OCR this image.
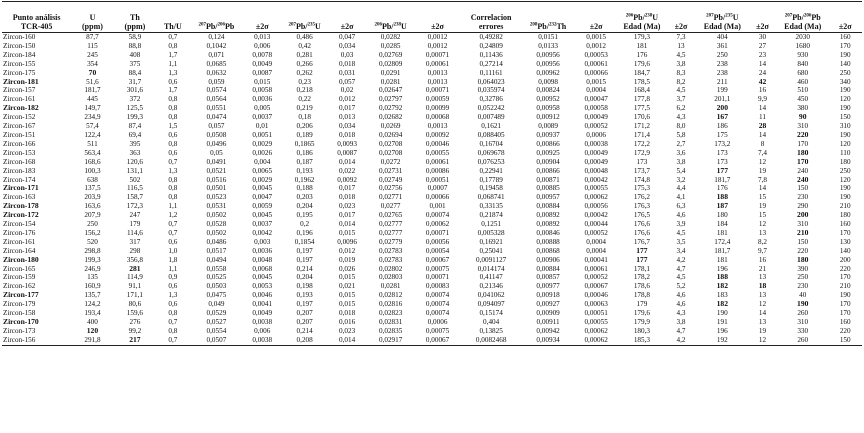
Punto análisis
TCR-405	U
(ppm)	Th
(ppm)	Th/U	$^{207}$Pb/$^{206}$Pb	±2σ	$^{207}$Pb/$^{235}$U	±2σ	$^{206}$Pb/$^{238}$U	±2σ	Correlacion
errores	$^{208}$Pb/$^{232}$Th	±2σ	$^{206}$Pb/$^{238}$U
Edad (Ma)	±2σ	$^{207}$Pb/$^{235}$U
Edad (Ma)	±2σ	$^{207}$Pb/$^{206}$Pb
Edad (Ma)	±2σ

Zircon-160	87,7	58,9	0,7	0,124	0,013	0,486	0,047	0,0282	0,0012	0,49282	0,0151	0,0015	179,3	7,3	404	30	2030	160
Zircon-150	115	88,8	0,8	0,1042	0,006	0,42	0,034	0,0285	0,0012	0,24809	0,0133	0,0012	181	13	361	27	1680	170
Zircon-184	245	408	1,7	0,071	0,0078	0,281	0,03	0,02769	0,00071	0,11436	0,00956	0,00053	176	4,5	250	23	930	190
Zircon-155	354	375	1,1	0,0685	0,0049	0,266	0,018	0,02809	0,00061	0,27214	0,00956	0,00061	179,6	3,8	238	14	840	140
Zircon-175	70	88,4	1,3	0,0632	0,0087	0,262	0,031	0,0291	0,0013	0,11161	0,00962	0,00066	184,7	8,3	238	24	680	250
Zircon-181	51,6	31,7	0,6	0,059	0,015	0,23	0,057	0,0281	0,0013	0,064023	0,0098	0,0015	178,5	8,2	211	42	460	340
Zircon-157	181,7	301,6	1,7	0,0574	0,0058	0,218	0,02	0,02647	0,00071	0,035974	0,00824	0,0004	168,4	4,5	199	16	510	190
Zircon-161	445	372	0,8	0,0564	0,0036	0,22	0,012	0,02797	0,00059	0,32786	0,00952	0,00047	177,8	3,7	201,1	9,9	450	120
Zircon-182	149,7	125,5	0,8	0,0551	0,005	0,219	0,017	0,02792	0,00099	0,052242	0,00958	0,00058	177,5	6,2	200	14	380	190
Zircon-152	234,9	199,3	0,8	0,0474	0,0037	0,18	0,013	0,02682	0,00068	0,007489	0,00912	0,00049	170,6	4,3	167	11	90	150
Zircon-167	57,4	87,4	1,5	0,057	0,01	0,206	0,034	0,0269	0,0013	0,1621	0,0089	0,00052	171,2	8,0	186	28	310	310
Zircon-151	122,4	69,4	0,6	0,0508	0,0051	0,189	0,018	0,02694	0,00092	0,088405	0,00937	0,0006	171,4	5,8	175	14	220	190
Zircon-166	511	395	0,8	0,0496	0,0029	0,1865	0,0093	0,02708	0,00046	0,16704	0,00866	0,00038	172,2	2,7	173,2	8	170	120
Zircon-153	563,4	363	0,6	0,05	0,0026	0,186	0,0087	0,02708	0,00055	0,069678	0,00925	0,00049	172,9	3,6	173	7,4	180	110
Zircon-168	168,6	120,6	0,7	0,0491	0,004	0,187	0,014	0,0272	0,00061	0,076253	0,00904	0,00049	173	3,8	173	12	170	180
Zircon-183	100,3	131,1	1,3	0,0521	0,0065	0,193	0,022	0,02731	0,00086	0,22941	0,00866	0,00048	173,7	5,4	177	19	240	250
Zircon-174	638	502	0,8	0,0516	0,0029	0,1962	0,0092	0,02749	0,00051	0,17789	0,00871	0,00042	174,8	3,2	181,7	7,8	240	120
Zircon-171	137,5	116,5	0,8	0,0501	0,0045	0,188	0,017	0,02756	0,0007	0,19458	0,00885	0,00055	175,3	4,4	176	14	150	190
Zircon-163	203,9	158,7	0,8	0,0523	0,0047	0,203	0,018	0,02771	0,00066	0,068741	0,00957	0,00062	176,2	4,1	188	15	230	190
Zircon-178	163,6	172,3	1,1	0,0531	0,0059	0,204	0,023	0,0277	0,001	0,33135	0,00884	0,00056	176,3	6,3	187	19	290	210
Zircon-172	207,9	247	1,2	0,0502	0,0045	0,195	0,017	0,02765	0,00074	0,21874	0,00892	0,00042	176,5	4,6	180	15	200	180
Zircon-154	250	179	0,7	0,0528	0,0037	0,2	0,014	0,02777	0,00062	0,1251	0,00892	0,00044	176,6	3,9	184	12	310	160
Zircon-176	156,2	114,6	0,7	0,0502	0,0042	0,196	0,015	0,02777	0,00071	0,005328	0,00846	0,00052	176,6	4,5	181	13	210	170
Zircon-161	520	317	0,6	0,0486	0,003	0,1854	0,0096	0,02779	0,00056	0,16921	0,00888	0,0004	176,7	3,5	172,4	8,2	150	130
Zircon-164	298,8	298	1,0	0,0517	0,0036	0,197	0,012	0,02783	0,00054	0,25041	0,00868	0,0004	177	3,4	181,7	9,7	220	140
Zircon-180	199,3	356,8	1,8	0,0494	0,0048	0,197	0,019	0,02783	0,00067	0,0091127	0,00906	0,00041	177	4,2	181	16	180	200
Zircon-165	246,9	281	1,1	0,0558	0,0068	0,214	0,026	0,02802	0,00075	0,014174	0,00884	0,00061	178,1	4,7	196	21	390	220
Zircon-159	135	114,9	0,9	0,0525	0,0045	0,204	0,015	0,02803	0,00071	0,41147	0,00857	0,00052	178,2	4,5	188	13	250	170
Zircon-162	160,9	91,1	0,6	0,0503	0,0053	0,198	0,021	0,0281	0,00083	0,21346	0,00977	0,00067	178,6	5,2	182	18	230	210
Zircon-177	135,7	171,1	1,3	0,0475	0,0046	0,193	0,015	0,02812	0,00074	0,041062	0,00918	0,00046	178,8	4,6	183	13	40	190
Zircon-179	124,2	80,6	0,6	0,049	0,0041	0,197	0,015	0,02816	0,00074	0,094097	0,00927	0,00063	179	4,6	182	12	190	170
Zircon-158	193,4	159,6	0,8	0,0529	0,0049	0,207	0,018	0,02823	0,00074	0,15174	0,00909	0,00051	179,6	4,3	190	14	260	170
Zircon-170	400	276	0,7	0,0527	0,0038	0,207	0,016	0,02831	0,0006	0,404	0,00911	0,00055	179,9	3,8	191	13	310	160
Zircon-173	120	99,2	0,8	0,0554	0,006	0,214	0,023	0,02835	0,00075	0,13825	0,00942	0,00062	180,3	4,7	196	19	330	220
Zircon-156	291,8	217	0,7	0,0507	0,0038	0,208	0,014	0,02917	0,00067	0,0082468	0,00934	0,00062	185,3	4,2	192	12	260	150
